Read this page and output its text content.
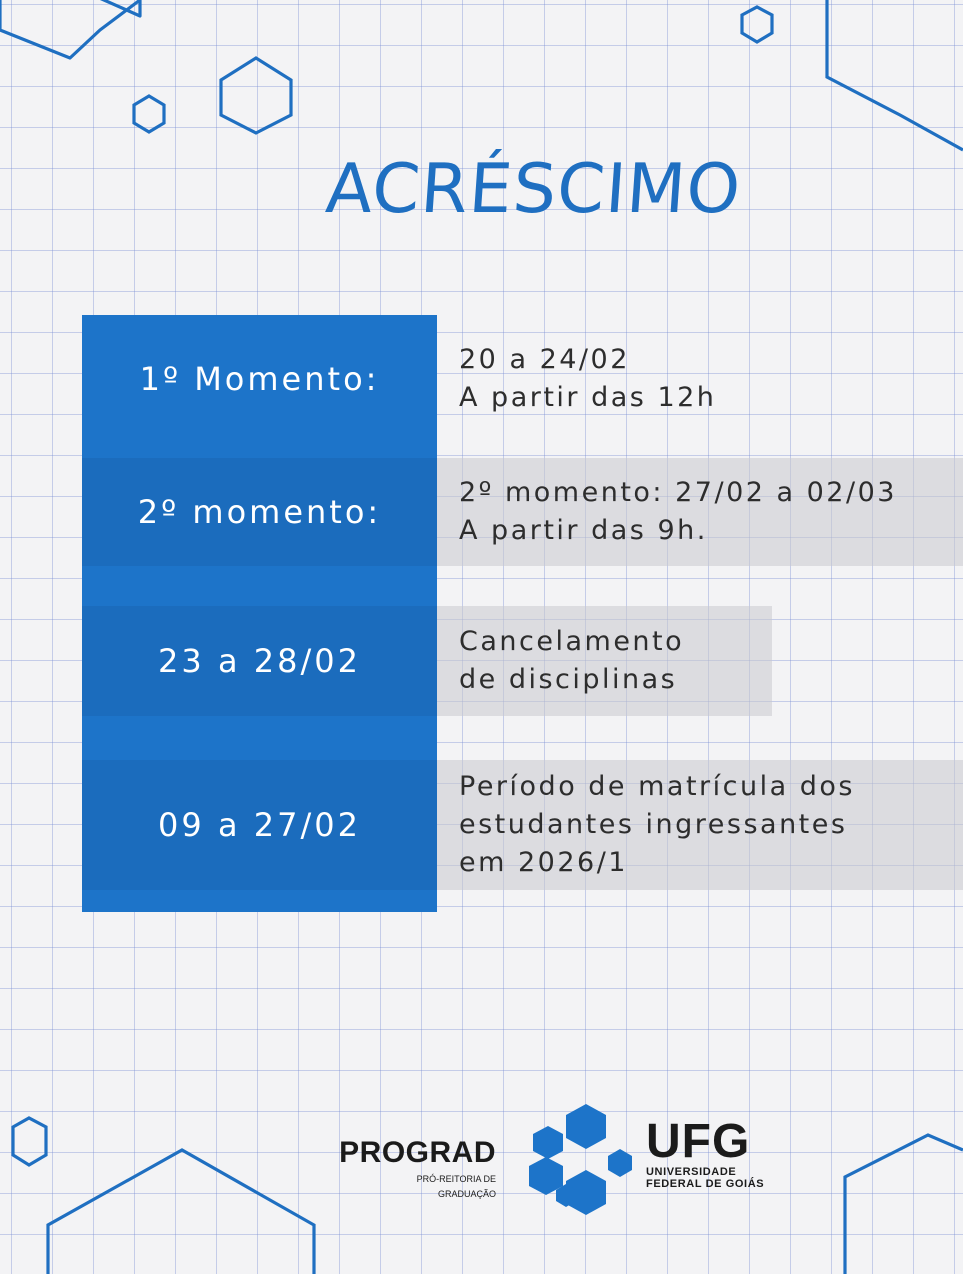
ACRÉSCIMO
1º Momento:
20 a 24/02
A partir das 12h
2º momento:
2º momento: 27/02 a 02/03
A partir das 9h.
23 a 28/02
Cancelamento
de disciplinas
09 a 27/02
Período de matrícula dos
estudantes ingressantes
em 2026/1
PROGRAD
PRÓ-REITORIA DE
GRADUAÇÃO
UFG
UNIVERSIDADE
FEDERAL DE GOIÁS
